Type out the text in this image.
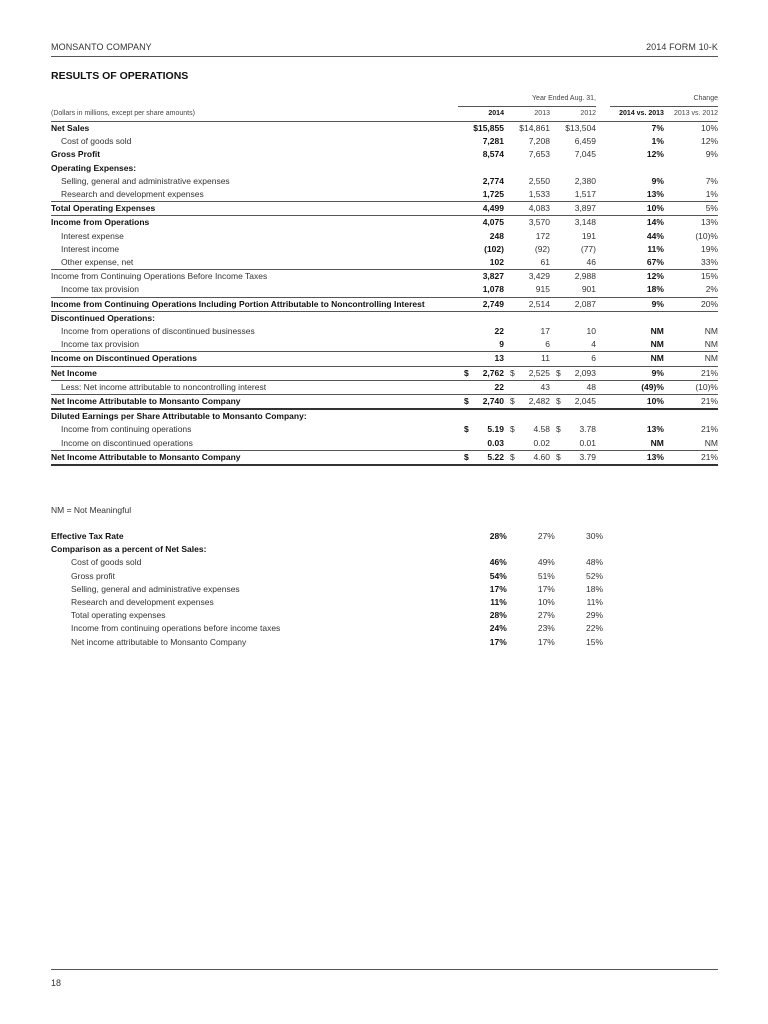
MONSANTO COMPANY	2014 FORM 10-K
RESULTS OF OPERATIONS
	Year Ended Aug. 31,				Change	
(Dollars in millions, except per share amounts)	2014	2013	2012		2014 vs. 2013	2013 vs. 2012
Net Sales	$15,855	$14,861	$13,504		7%	10%
Cost of goods sold	7,281	7,208	6,459		1%	12%
Gross Profit	8,574	7,653	7,045		12%	9%
Operating Expenses:						
Selling, general and administrative expenses	2,774	2,550	2,380		9%	7%
Research and development expenses	1,725	1,533	1,517		13%	1%
Total Operating Expenses	4,499	4,083	3,897		10%	5%
Income from Operations	4,075	3,570	3,148		14%	13%
Interest expense	248	172	191		44%	(10)%
Interest income	(102)	(92)	(77)		11%	19%
Other expense, net	102	61	46		67%	33%
Income from Continuing Operations Before Income Taxes	3,827	3,429	2,988		12%	15%
Income tax provision	1,078	915	901		18%	2%
Income from Continuing Operations Including Portion Attributable to Noncontrolling Interest	2,749	2,514	2,087		9%	20%
Discontinued Operations:						
Income from operations of discontinued businesses	22	17	10		NM	NM
Income tax provision	9	6	4		NM	NM
Income on Discontinued Operations	13	11	6		NM	NM
Net Income	$ 2,762	$ 2,525	$ 2,093		9%	21%
Less: Net income attributable to noncontrolling interest	22	43	48		(49)%	(10)%
Net Income Attributable to Monsanto Company	$ 2,740	$ 2,482	$ 2,045		10%	21%
Diluted Earnings per Share Attributable to Monsanto Company:						
Income from continuing operations	$ 5.19	$ 4.58	$ 3.78		13%	21%
Income on discontinued operations	0.03	0.02	0.01		NM	NM
Net Income Attributable to Monsanto Company	$ 5.22	$ 4.60	$ 3.79		13%	21%
NM = Not Meaningful
Effective Tax Rate	28%	27%	30%
Comparison as a percent of Net Sales:			
Cost of goods sold	46%	49%	48%
Gross profit	54%	51%	52%
Selling, general and administrative expenses	17%	17%	18%
Research and development expenses	11%	10%	11%
Total operating expenses	28%	27%	29%
Income from continuing operations before income taxes	24%	23%	22%
Net income attributable to Monsanto Company	17%	17%	15%
18
